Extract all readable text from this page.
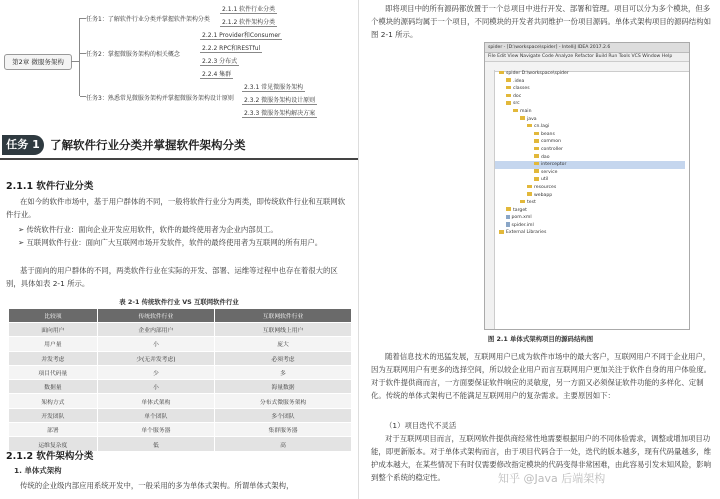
第2章 微服务架构
任务1：了解软件行业分类并掌握软件架构分类
任务2：掌握微服务架构的相关概念
任务3：熟悉常见微服务架构并掌握微服务架构设计原则
2.1.1 软件行业分类
2.1.2 软件架构分类
2.2.1 Provider和Consumer
2.2.2 RPC和RESTful
2.2.3 分布式
2.2.4 集群
2.3.1 常见微服务架构
2.3.2 微服务架构设计原则
2.3.3 微服务架构解决方案
任务 1 了解软件行业分类并掌握软件架构分类
2.1.1 软件行业分类
在如今的软件市场中，基于用户群体的不同，一般将软件行业分为两类，即传统软件行业和互联网软件行业。
➢ 传统软件行业：面向企业开发应用软件，软件的最终使用者为企业内部员工。
➢ 互联网软件行业：面向广大互联网市场开发软件，软件的最终使用者为互联网的所有用户。
基于面向的用户群体的不同，两类软件行业在实际的开发、部署、运维等过程中也存在着很大的区别，具体如表 2-1 所示。
表 2-1 传统软件行业 VS 互联网软件行业
比较项	传统软件行业	互联网软件行业
面向用户	企业内部用户	互联网线上用户
用户量	小	庞大
并发考虑	少(无并发考虑)	必须考虑
项目代码量	少	多
数据量	小	海量数据
架构方式	单体式架构	分布式微服务架构
开发团队	单个团队	多个团队
部署	单个服务器	集群服务器
运维复杂度	低	高
2.1.2 软件架构分类
1. 单体式架构
传统的企业级内部应用系统开发中，一般采用的多为单体式架构。所谓单体式架构，
即将项目中的所有源码都放置于一个总项目中进行开发、部署和管理。项目可以分为多个模块，但多个模块的源码均属于一个项目，不同模块的开发者共同维护一份项目源码。单体式架构项目的源码结构如图 2-1 所示。
spider - [D:\workspace\spider] - IntelliJ IDEA 2017.2.6
File Edit View Navigate Code Analyze Refactor Build Run Tools VCS Window Help
spider D:\workspace\spider
.idea
classes
doc
src
main
java
cn.lagi
beans
common
controller
dao
interceptor
service
util
resources
webapp
test
target
pom.xml
spider.iml
External Libraries
图 2.1 单体式架构项目的源码结构图
随着信息技术的迅猛发展，互联网用户已成为软件市场中的最大客户，互联网用户不同于企业用户，因为互联网用户有更多的选择空间，所以较企业用户而言互联网用户更加关注于软件自身的用户体验度。对于软件提供商而言，一方面要保证软件响应的灵敏度，另一方面又必须保证软件功能的多样化、定制化。传统的单体式架构已不能满足互联网用户的复杂需求。主要原因如下：
（1）项目迭代不灵活
对于互联网项目而言，互联网软件提供商经常性地需要根据用户的不同体验需求，调整或增加项目功能，即更新版本。对于单体式架构而言，由于项目代码合于一处，迭代的版本越多，现有代码量越多，维护成本越大，在某些情况下有时仅需要修改指定模块的代码变得非常困难，由此容易引发未知风险，影响到整个系统的稳定性。	知乎 @Java 后端架构
